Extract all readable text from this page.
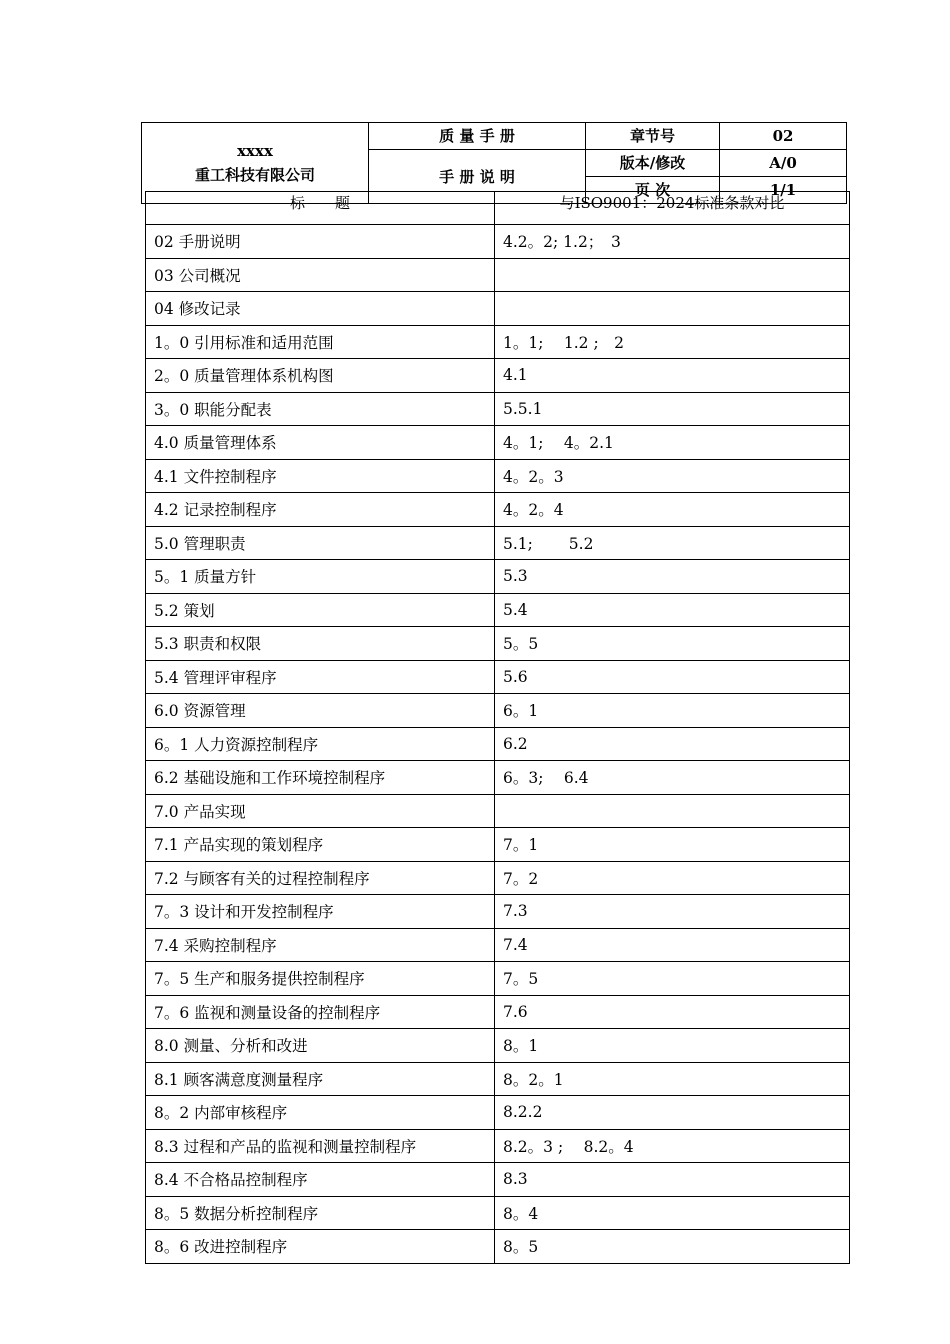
xxxx
重工科技有限公司	质 量 手 册	章节号	02
	手 册 说 明	版本/修改	A/0
		页 次	1/1
标　　题	与ISO9001：2024标准条款对比
02 手册说明	4.2。2; 1.2；　3
03 公司概况	
04 修改记录	
1。0 引用标准和适用范围	1。1;　 1.2 ;　2
2。0 质量管理体系机构图	4.1
3。0 职能分配表	5.5.1
4.0 质量管理体系	4。1;　 4。2.1
4.1 文件控制程序	4。2。3
4.2 记录控制程序	4。2。4
5.0 管理职责	5.1;　　 5.2
5。1 质量方针	5.3
5.2 策划	5.4
5.3 职责和权限	5。5
5.4 管理评审程序	5.6
6.0 资源管理	6。1
6。1 人力资源控制程序	6.2
6.2 基础设施和工作环境控制程序	6。3;　 6.4
7.0 产品实现	
7.1 产品实现的策划程序	7。1
7.2 与顾客有关的过程控制程序	7。2
7。3 设计和开发控制程序	7.3
7.4 采购控制程序	7.4
7。5 生产和服务提供控制程序	7。5
7。6 监视和测量设备的控制程序	7.6
8.0 测量、分析和改进	8。1
8.1 顾客满意度测量程序	8。2。1
8。2 内部审核程序	8.2.2
8.3 过程和产品的监视和测量控制程序	8.2。3 ;　 8.2。4
8.4 不合格品控制程序	8.3
8。5 数据分析控制程序	8。4
8。6 改进控制程序	8。5
